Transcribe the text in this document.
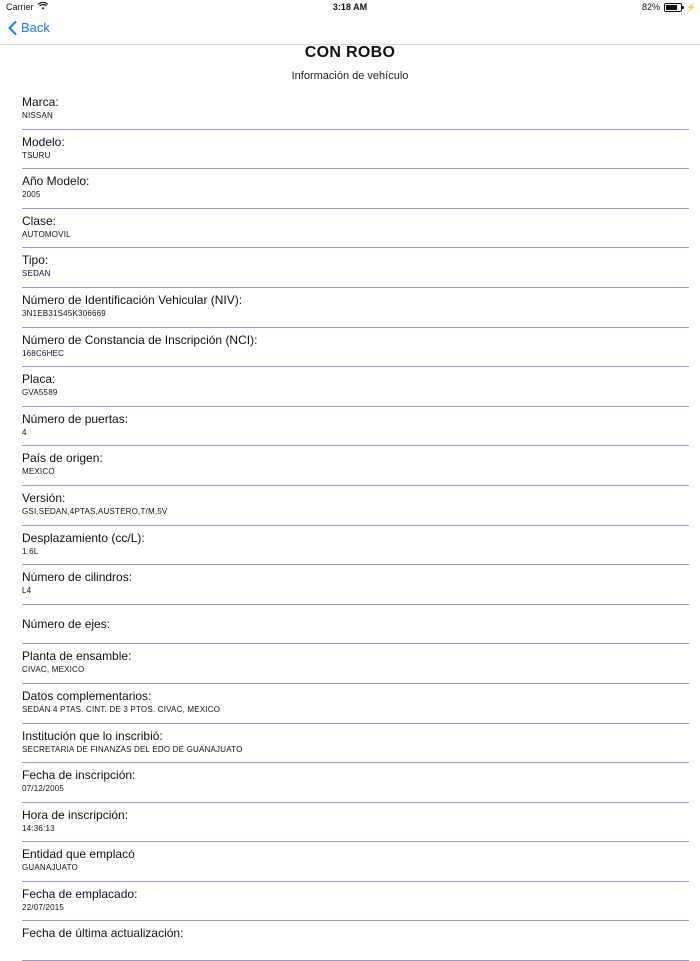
Carrier	3:18 AM	82%	⚡
Back
CON ROBO
Información de vehículo
Marca:
NISSAN
Modelo:
TSURU
Año Modelo:
2005
Clase:
AUTOMOVIL
Tipo:
SEDAN
Número de Identificación Vehicular (NIV):
3N1EB31S45K306669
Número de Constancia de Inscripción (NCI):
168C6HEC
Placa:
GVA5589
Número de puertas:
4
País de origen:
MEXICO
Versión:
GSI,SEDAN,4PTAS,AUSTERO,T/M,5V
Desplazamiento (cc/L):
1.6L
Número de cilindros:
L4
Número de ejes:
Planta de ensamble:
CIVAC, MEXICO
Datos complementarios:
SEDAN 4 PTAS. CINT. DE 3 PTOS. CIVAC, MEXICO
Institución que lo inscribió:
SECRETARIA DE FINANZAS DEL EDO DE GUANAJUATO
Fecha de inscripción:
07/12/2005
Hora de inscripción:
14:36:13
Entidad que emplacó
GUANAJUATO
Fecha de emplacado:
22/07/2015
Fecha de última actualización:
